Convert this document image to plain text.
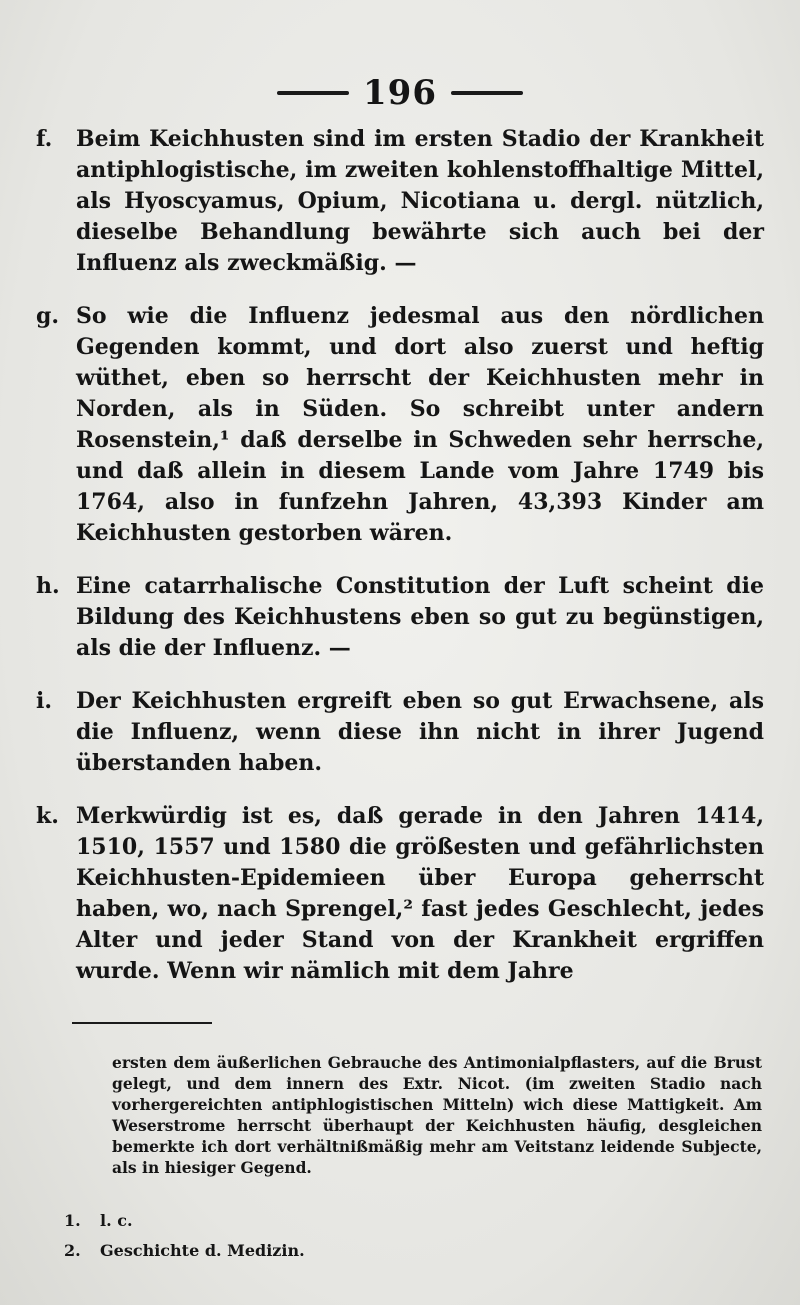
196
f.	Beim Keichhusten sind im ersten Stadio der Krankheit antiphlogistische, im zweiten kohlenstoffhaltige Mittel, als Hyoscyamus, Opium, Nicotiana u. dergl. nützlich, dieselbe Behandlung bewährte sich auch bei der Influenz als zweckmäßig. —
g. So wie die Influenz jedesmal aus den nördlichen Gegenden kommt, und dort also zuerst und heftig wüthet, eben so herrscht der Keichhusten mehr in Norden, als in Süden. So schreibt unter andern Rosenstein,¹ daß derselbe in Schweden sehr herrsche, und daß allein in diesem Lande vom Jahre 1749 bis 1764, also in funfzehn Jahren, 43,393 Kinder am Keichhusten gestorben wären.
h. Eine catarrhalische Constitution der Luft scheint die Bildung des Keichhustens eben so gut zu begünstigen, als die der Influenz. —
i.	Der Keichhusten ergreift eben so gut Erwachsene, als die Influenz, wenn diese ihn nicht in ihrer Jugend überstanden haben.
k. Merkwürdig ist es, daß gerade in den Jahren 1414, 1510, 1557 und 1580 die größesten und gefährlichsten Keichhusten-Epidemieen über Europa geherrscht haben, wo, nach Sprengel,² fast jedes Geschlecht, jedes Alter und jeder Stand von der Krankheit ergriffen wurde. Wenn wir nämlich mit dem Jahre
ersten dem äußerlichen Gebrauche des Antimonialpflasters, auf die Brust gelegt, und dem innern des Extr. Nicot. (im zweiten Stadio nach vorhergereichten antiphlogistischen Mitteln) wich diese Mattigkeit. Am Weserstrome herrscht überhaupt der Keichhusten häufig, desgleichen bemerkte ich dort verhältnißmäßig mehr am Veitstanz leidende Subjecte, als in hiesiger Gegend.
1.	l. c.
2.	Geschichte d. Medizin.
